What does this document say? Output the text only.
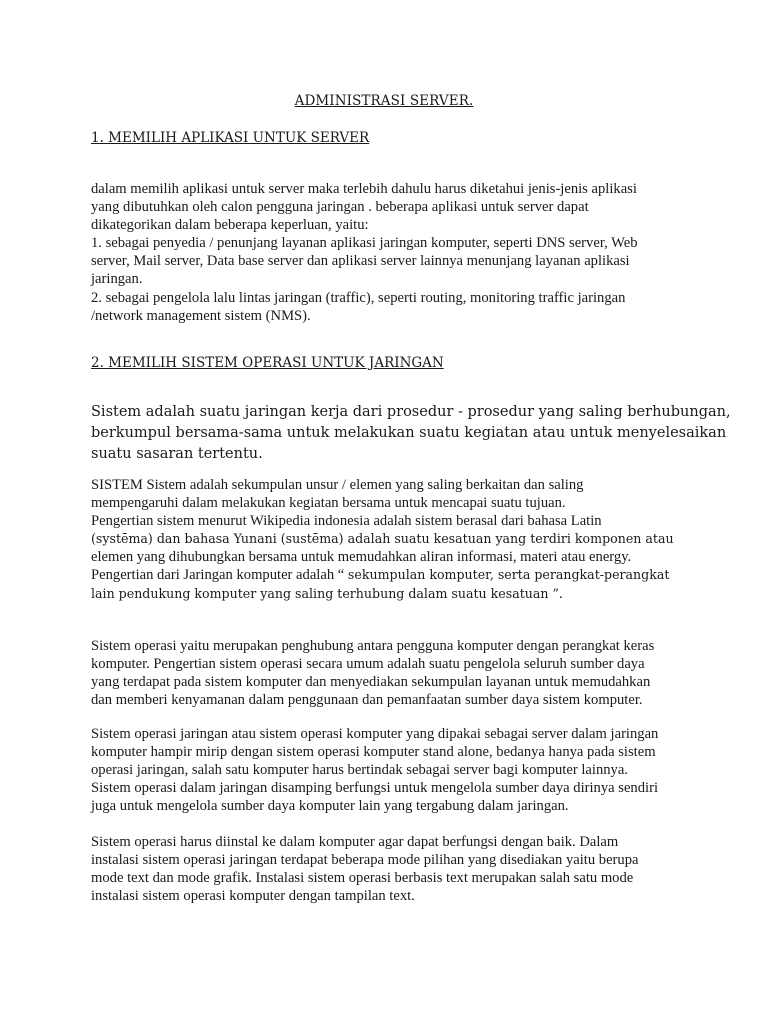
ADMINISTRASI SERVER.
1. MEMILIH APLIKASI UNTUK SERVER
dalam memilih aplikasi untuk server maka terlebih dahulu harus diketahui jenis-jenis aplikasi
yang dibutuhkan oleh calon pengguna jaringan . beberapa aplikasi untuk server dapat
dikategorikan dalam beberapa keperluan, yaitu:
1. sebagai penyedia / penunjang layanan aplikasi jaringan komputer, seperti DNS server, Web
server, Mail server, Data base server dan aplikasi server lainnya menunjang layanan aplikasi
jaringan.
2. sebagai pengelola lalu lintas jaringan (traffic), seperti routing, monitoring traffic jaringan
/network management sistem (NMS).
2. MEMILIH SISTEM OPERASI UNTUK JARINGAN
Sistem adalah suatu jaringan kerja dari prosedur - prosedur yang saling berhubungan,
berkumpul bersama-sama untuk melakukan suatu kegiatan atau untuk menyelesaikan
suatu sasaran tertentu.
SISTEM Sistem adalah sekumpulan unsur / elemen yang saling berkaitan dan saling
mempengaruhi dalam melakukan kegiatan bersama untuk mencapai suatu tujuan.
Pengertian sistem menurut Wikipedia indonesia adalah sistem berasal dari bahasa Latin
(systēma) dan bahasa Yunani (sustēma) adalah suatu kesatuan yang terdiri komponen atau
elemen yang dihubungkan bersama untuk memudahkan aliran informasi, materi atau energy.
Pengertian dari Jaringan komputer adalah “ sekumpulan komputer, serta perangkat-perangkat
lain pendukung komputer yang saling terhubung dalam suatu kesatuan ”.
Sistem operasi yaitu merupakan penghubung antara pengguna komputer dengan perangkat keras
komputer. Pengertian sistem operasi secara umum adalah suatu pengelola seluruh sumber daya
yang terdapat pada sistem komputer dan menyediakan sekumpulan layanan untuk memudahkan
dan memberi kenyamanan dalam penggunaan dan pemanfaatan sumber daya sistem komputer.
Sistem operasi jaringan atau sistem operasi komputer yang dipakai sebagai server dalam jaringan
komputer hampir mirip dengan sistem operasi komputer stand alone, bedanya hanya pada sistem
operasi jaringan, salah satu komputer harus bertindak sebagai server bagi komputer lainnya.
Sistem operasi dalam jaringan disamping berfungsi untuk mengelola sumber daya dirinya sendiri
juga untuk mengelola sumber daya komputer lain yang tergabung dalam jaringan.
Sistem operasi harus diinstal ke dalam komputer agar dapat berfungsi dengan baik. Dalam
instalasi sistem operasi jaringan terdapat beberapa mode pilihan yang disediakan yaitu berupa
mode text dan mode grafik. Instalasi sistem operasi berbasis text merupakan salah satu mode
instalasi sistem operasi komputer dengan tampilan text.
